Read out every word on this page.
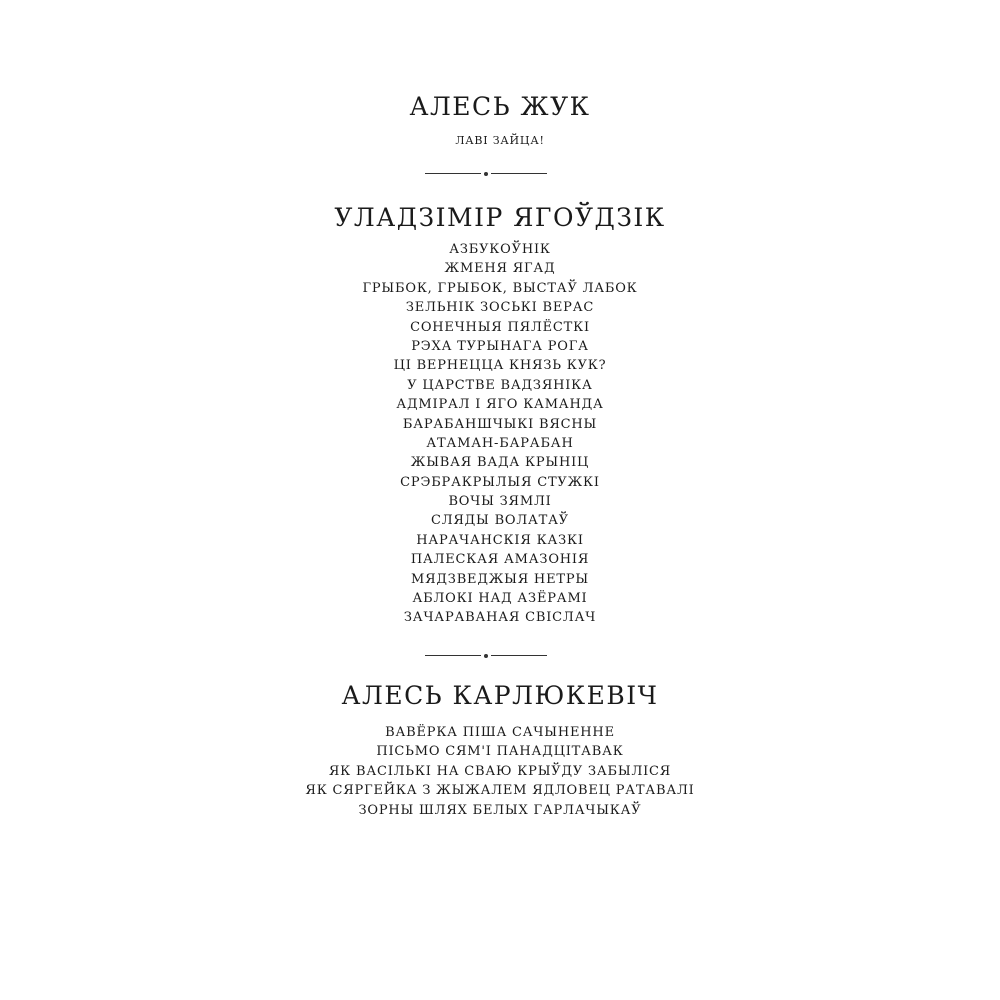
АЛЕСЬ ЖУК
ЛАВІ ЗАЙЦА!
УЛАДЗІМІР ЯГОЎДЗІК
АЗБУКОЎНІК
ЖМЕНЯ ЯГАД
ГРЫБОК, ГРЫБОК, ВЫСТАЎ ЛАБОК
ЗЕЛЬНІК ЗОСЬКІ ВЕРАС
СОНЕЧНЫЯ ПЯЛЁСТКІ
РЭХА ТУРЫНАГА РОГА
ЦІ ВЕРНЕЦЦА КНЯЗЬ КУК?
У ЦАРСТВЕ ВАДЗЯНІКА
АДМІРАЛ І ЯГО КАМАНДА
БАРАБАНШЧЫКІ ВЯСНЫ
АТАМАН-БАРАБАН
ЖЫВАЯ ВАДА КРЫНІЦ
СРЭБРАКРЫЛЫЯ СТУЖКІ
ВОЧЫ ЗЯМЛІ
СЛЯДЫ ВОЛАТАЎ
НАРАЧАНСКІЯ КАЗКІ
ПАЛЕСКАЯ АМАЗОНІЯ
МЯДЗВЕДЖЫЯ НЕТРЫ
АБЛОКІ НАД АЗЁРАМІ
ЗАЧАРАВАНАЯ СВІСЛАЧ
АЛЕСЬ КАРЛЮКЕВІЧ
ВАВЁРКА ПІША САЧЫНЕННЕ
ПІСЬМО СЯМ'І ПАНАДЦІТАВАК
ЯК ВАСІЛЬКІ НА СВАЮ КРЫЎДУ ЗАБЫЛІСЯ
ЯК СЯРГЕЙКА З ЖЫЖАЛЕМ ЯДЛОВЕЦ РАТАВАЛІ
ЗОРНЫ ШЛЯХ БЕЛЫХ ГАРЛАЧЫКАЎ
